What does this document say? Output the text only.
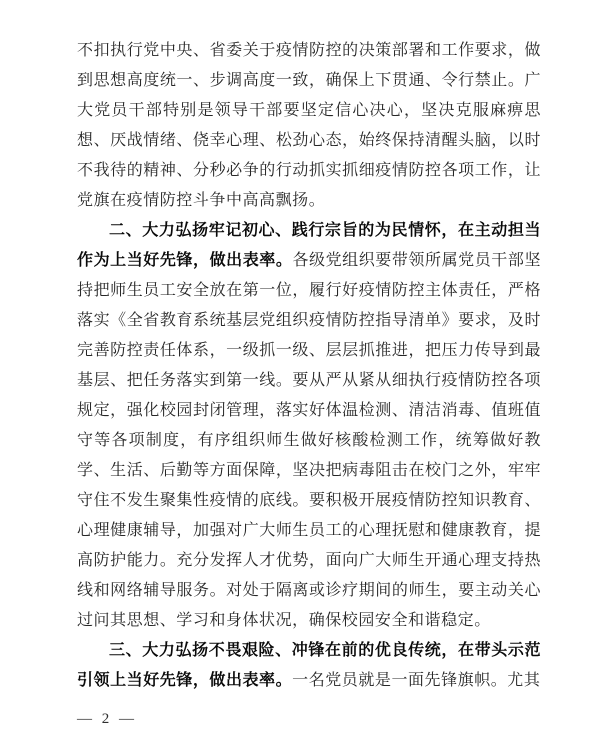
不扣执行党中央、省委关于疫情防控的决策部署和工作要求，做到思想高度统一、步调高度一致，确保上下贯通、令行禁止。广大党员干部特别是领导干部要坚定信心决心，坚决克服麻痹思想、厌战情绪、侥幸心理、松劲心态，始终保持清醒头脑，以时不我待的精神、分秒必争的行动抓实抓细疫情防控各项工作，让党旗在疫情防控斗争中高高飘扬。

二、大力弘扬牢记初心、践行宗旨的为民情怀，在主动担当作为上当好先锋，做出表率。各级党组织要带领所属党员干部坚持把师生员工安全放在第一位，履行好疫情防控主体责任，严格落实《全省教育系统基层党组织疫情防控指导清单》要求，及时完善防控责任体系，一级抓一级、层层抓推进，把压力传导到最基层、把任务落实到第一线。要从严从紧从细执行疫情防控各项规定，强化校园封闭管理，落实好体温检测、清洁消毒、值班值守等各项制度，有序组织师生做好核酸检测工作，统筹做好教学、生活、后勤等方面保障，坚决把病毒阻击在校门之外，牢牢守住不发生聚集性疫情的底线。要积极开展疫情防控知识教育、心理健康辅导，加强对广大师生员工的心理抚慰和健康教育，提高防护能力。充分发挥人才优势，面向广大师生开通心理支持热线和网络辅导服务。对处于隔离或诊疗期间的师生，要主动关心过问其思想、学习和身体状况，确保校园安全和谐稳定。

三、大力弘扬不畏艰险、冲锋在前的优良传统，在带头示范引领上当好先锋，做出表率。一名党员就是一面先锋旗帜。尤其

— 2 —
